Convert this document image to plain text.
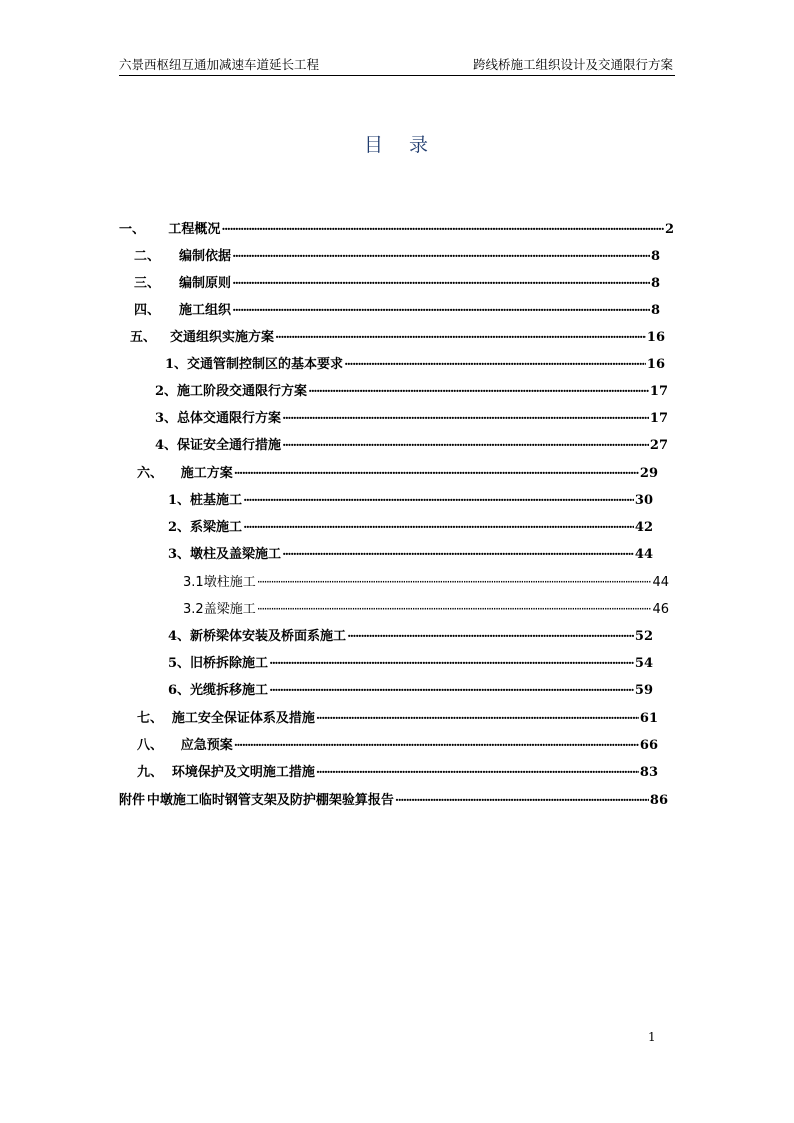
六景西枢纽互通加减速车道延长工程	跨线桥施工组织设计及交通限行方案
目 录
一、	工程概况 ·····	2
二、	编制依据 ·····	8
三、	编制原则 ·····	8
四、	施工组织 ·····	8
五、	交通组织实施方案 ·····	16
1、 交通管制控制区的基本要求 ·····	16
2、 施工阶段交通限行方案 ·····	17
3、 总体交通限行方案 ·····	17
4、 保证安全通行措施 ·····	27
六、	施工方案 ·····	29
1、 桩基施工 ·····	30
2、 系梁施工 ·····	42
3、 墩柱及盖梁施工 ·····	44
3.1 墩柱施工 ·····	44
3.2 盖梁施工 ·····	46
4、 新桥梁体安装及桥面系施工 ·····	52
5、 旧桥拆除施工 ·····	54
6、 光缆拆移施工 ·····	59
七、 施工安全保证体系及措施 ·····	61
八、	应急预案 ·····	66
九、 环境保护及文明施工措施 ·····	83
附件 中墩施工临时钢管支架及防护棚架验算报告 ·····	86
1
